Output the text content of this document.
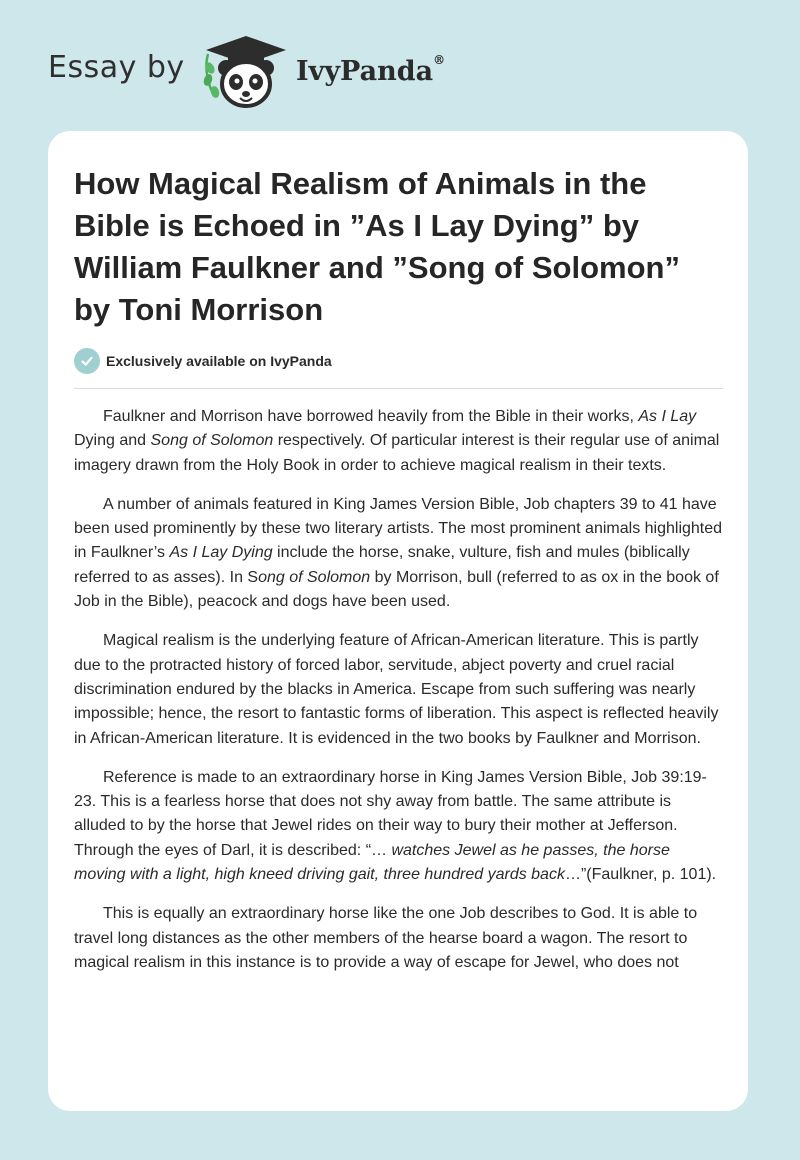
Essay by	IvyPanda®
How Magical Realism of Animals in the Bible is Echoed in ”As I Lay Dying” by William Faulkner and ”Song of Solomon” by Toni Morrison
Exclusively available on IvyPanda

Faulkner and Morrison have borrowed heavily from the Bible in their works, As I Lay Dying and Song of Solomon respectively. Of particular interest is their regular use of animal imagery drawn from the Holy Book in order to achieve magical realism in their texts.

A number of animals featured in King James Version Bible, Job chapters 39 to 41 have been used prominently by these two literary artists. The most prominent animals highlighted in Faulkner’s As I Lay Dying include the horse, snake, vulture, fish and mules (biblically referred to as asses). In Song of Solomon by Morrison, bull (referred to as ox in the book of Job in the Bible), peacock and dogs have been used.

Magical realism is the underlying feature of African-American literature. This is partly due to the protracted history of forced labor, servitude, abject poverty and cruel racial discrimination endured by the blacks in America. Escape from such suffering was nearly impossible; hence, the resort to fantastic forms of liberation. This aspect is reflected heavily in African-American literature. It is evidenced in the two books by Faulkner and Morrison.

Reference is made to an extraordinary horse in King James Version Bible, Job 39:19-23. This is a fearless horse that does not shy away from battle. The same attribute is alluded to by the horse that Jewel rides on their way to bury their mother at Jefferson. Through the eyes of Darl, it is described: “… watches Jewel as he passes, the horse moving with a light, high kneed driving gait, three hundred yards back…”(Faulkner, p. 101).

This is equally an extraordinary horse like the one Job describes to God. It is able to travel long distances as the other members of the hearse board a wagon. The resort to magical realism in this instance is to provide a way of escape for Jewel, who does not
